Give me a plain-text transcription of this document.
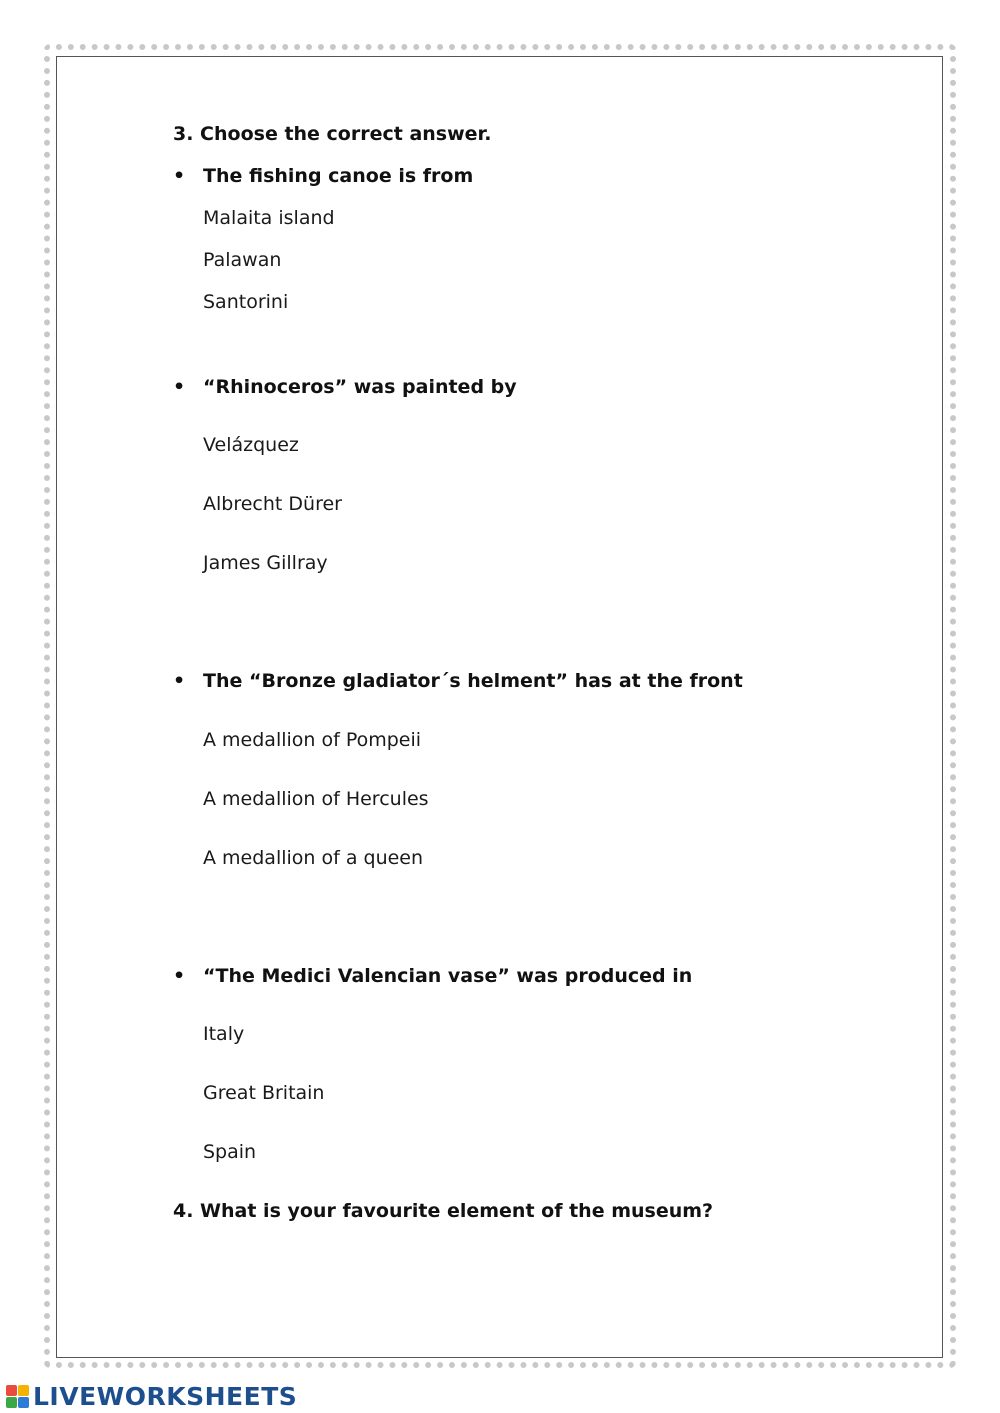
3. Choose the correct answer.
• The fishing canoe is from
Malaita island
Palawan
Santorini
• “Rhinoceros” was painted by
Velázquez
Albrecht Dürer
James Gillray
• The “Bronze gladiator´s helment” has at the front
A medallion of Pompeii
A medallion of Hercules
A medallion of a queen
• “The Medici Valencian vase” was produced in
Italy
Great Britain
Spain
4. What is your favourite element of the museum?
LIVEWORKSHEETS
